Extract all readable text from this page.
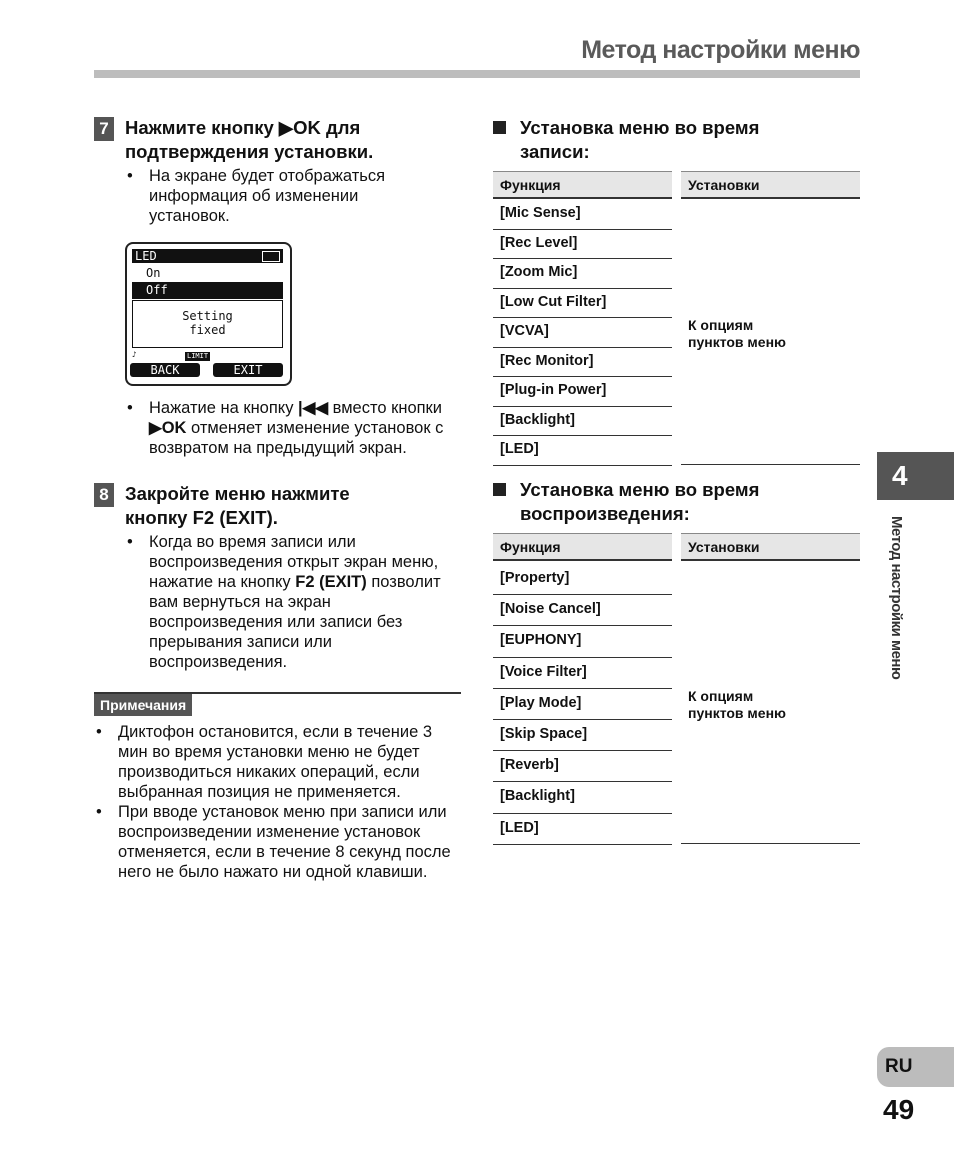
Метод настройки меню
7 Нажмите кнопку ▶OK для
подтверждения установки.
• На экране будет отображаться информация об изменении установок.
LED
On
Off
Setting
fixed
♪	LIMIT
BACK	EXIT
• Нажатие на кнопку |◀◀ вместо кнопки ▶OK отменяет изменение установок с возвратом на предыдущий экран.
8 Закройте меню нажмите
кнопку F2 (EXIT).
• Когда во время записи или воспроизведения открыт экран меню, нажатие на кнопку F2 (EXIT) позволит вам вернуться на экран воспроизведения или записи без прерывания записи или воспроизведения.
Примечания
• Диктофон остановится, если в течение 3 мин во время установки меню не будет производиться никаких операций, если выбранная позиция не применяется.
• При вводе установок меню при записи или воспроизведении изменение установок отменяется, если в течение 8 секунд после него не было нажато ни одной клавиши.
Установка меню во время
записи:
Функция	Установки
[Mic Sense]
[Rec Level]
[Zoom Mic]
[Low Cut Filter]
[VCVA]
[Rec Monitor]
[Plug-in Power]
[Backlight]
[LED]
К опциям
пунктов меню
Установка меню во время
воспроизведения:
Функция	Установки
[Property]
[Noise Cancel]
[EUPHONY]
[Voice Filter]
[Play Mode]
[Skip Space]
[Reverb]
[Backlight]
[LED]
К опциям
пунктов меню
4
Метод настройки меню
RU
49
